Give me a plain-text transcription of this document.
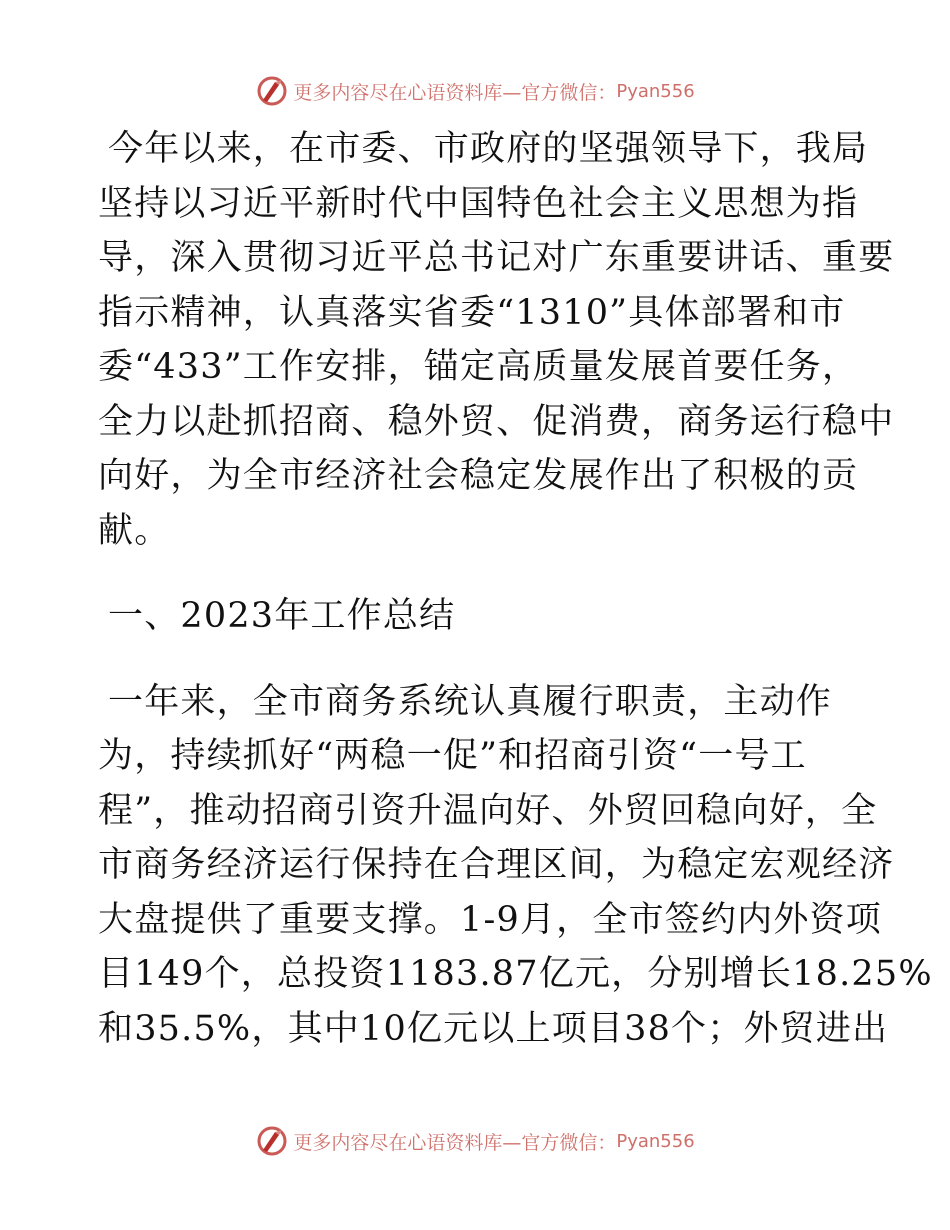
更多内容尽在心语资料库—官方微信： Pyan556
今年以来，在市委、市政府的坚强领导下，我局
坚持以习近平新时代中国特色社会主义思想为指
导，深入贯彻习近平总书记对广东重要讲话、重要
指示精神，认真落实省委“1310”具体部署和市
委“433”工作安排，锚定高质量发展首要任务，
全力以赴抓招商、稳外贸、促消费，商务运行稳中
向好，为全市经济社会稳定发展作出了积极的贡
献。
一、2023年工作总结
一年来，全市商务系统认真履行职责，主动作
为，持续抓好“两稳一促”和招商引资“一号工
程”，推动招商引资升温向好、外贸回稳向好，全
市商务经济运行保持在合理区间，为稳定宏观经济
大盘提供了重要支撑。1-9月，全市签约内外资项
目149个，总投资1183.87亿元，分别增长18.25%
和35.5%，其中10亿元以上项目38个；外贸进出
更多内容尽在心语资料库—官方微信： Pyan556
